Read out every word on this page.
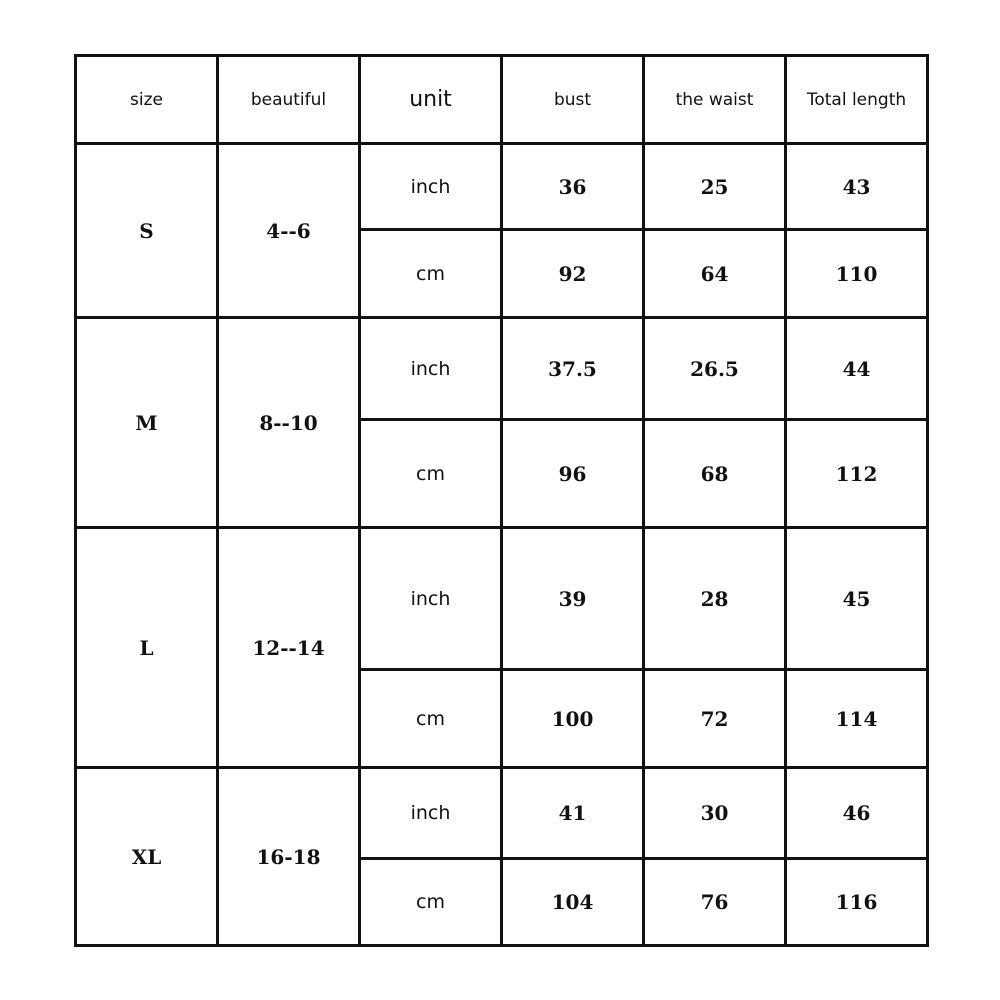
size	beautiful	unit	bust	the waist	Total length
S	4--6	inch	36	25	43
		cm	92	64	110
M	8--10	inch	37.5	26.5	44
		cm	96	68	112
L	12--14	inch	39	28	45
		cm	100	72	114
XL	16-18	inch	41	30	46
		cm	104	76	116
